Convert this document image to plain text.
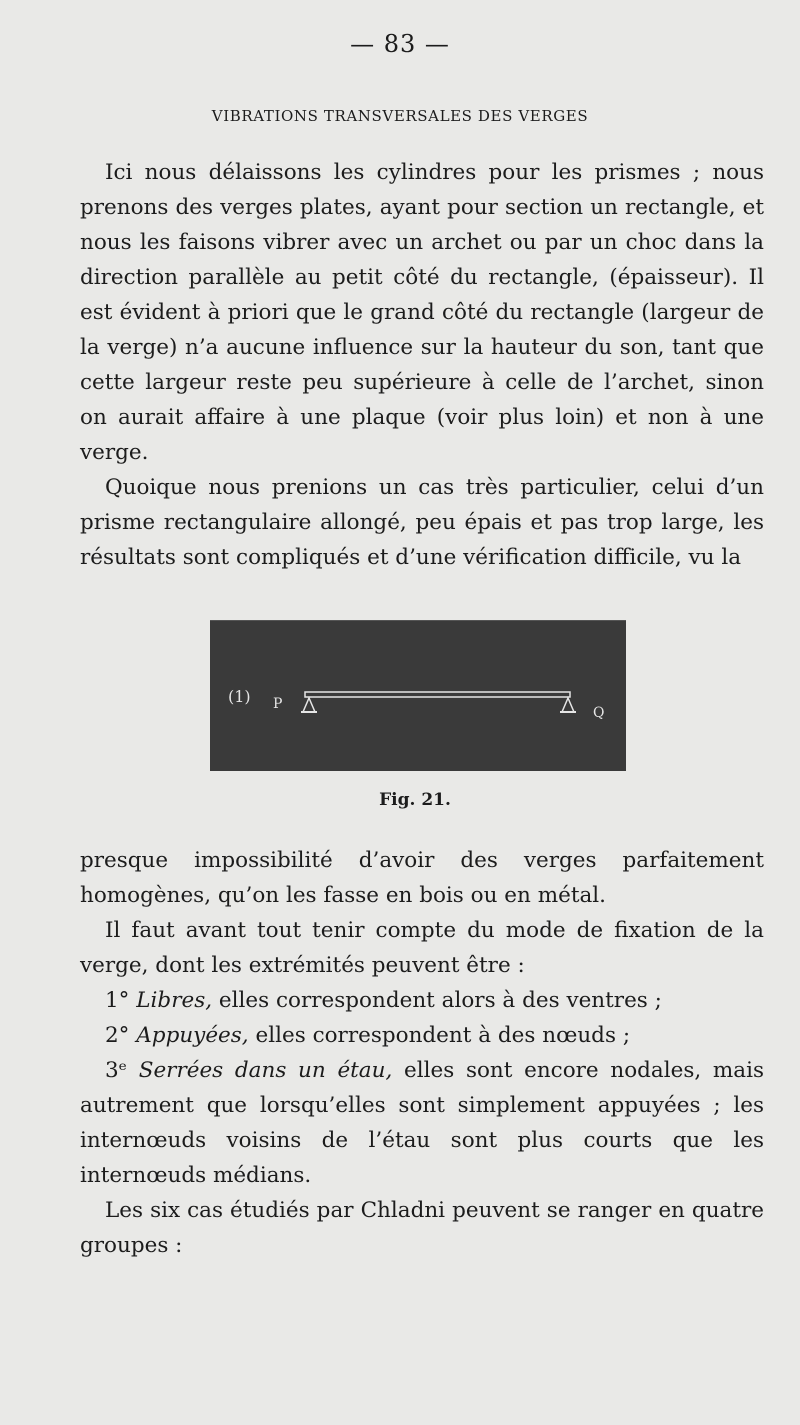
— 83 —
VIBRATIONS TRANSVERSALES DES VERGES

Ici nous délaissons les cylindres pour les prismes ; nous prenons des verges plates, ayant pour section un rectangle, et nous les faisons vibrer avec un archet ou par un choc dans la direction parallèle au petit côté du rectangle, (épaisseur). Il est évident à priori que le grand côté du rectangle (largeur de la verge) n’a aucune influence sur la hauteur du son, tant que cette largeur reste peu supérieure à celle de l’archet, sinon on aurait affaire à une plaque (voir plus loin) et non à une verge.

Quoique nous prenions un cas très particulier, celui d’un prisme rectangulaire allongé, peu épais et pas trop large, les résultats sont compliqués et d’une vérification difficile, vu la

(1) P
Q
Fig. 21.

presque impossibilité d’avoir des verges parfaitement homogènes, qu’on les fasse en bois ou en métal.

Il faut avant tout tenir compte du mode de fixation de la verge, dont les extrémités peuvent être :

1° Libres, elles correspondent alors à des ventres ;

2° Appuyées, elles correspondent à des nœuds ;

3ᵉ Serrées dans un étau, elles sont encore nodales, mais autrement que lorsqu’elles sont simplement appuyées ; les internœuds voisins de l’étau sont plus courts que les internœuds médians.

Les six cas étudiés par Chladni peuvent se ranger en quatre groupes :
